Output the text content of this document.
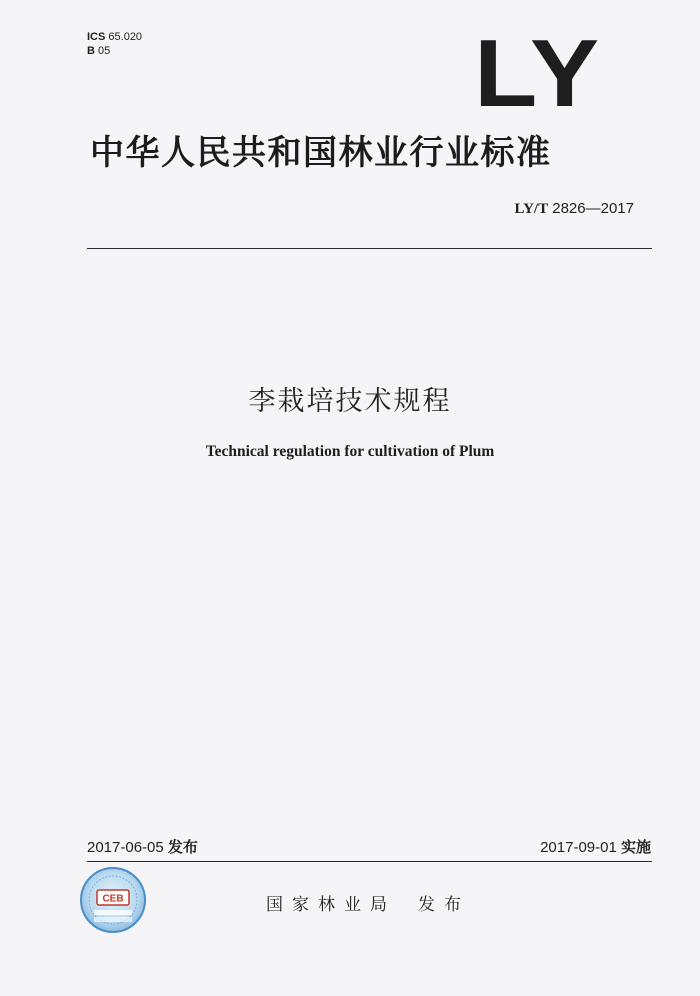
ICS 65.020
B 05	LY
中华人民共和国林业行业标准
LY/T 2826—2017
李栽培技术规程
Technical regulation for cultivation of Plum
2017-06-05 发布	2017-09-01 实施
CEB	国家林业局 发布
